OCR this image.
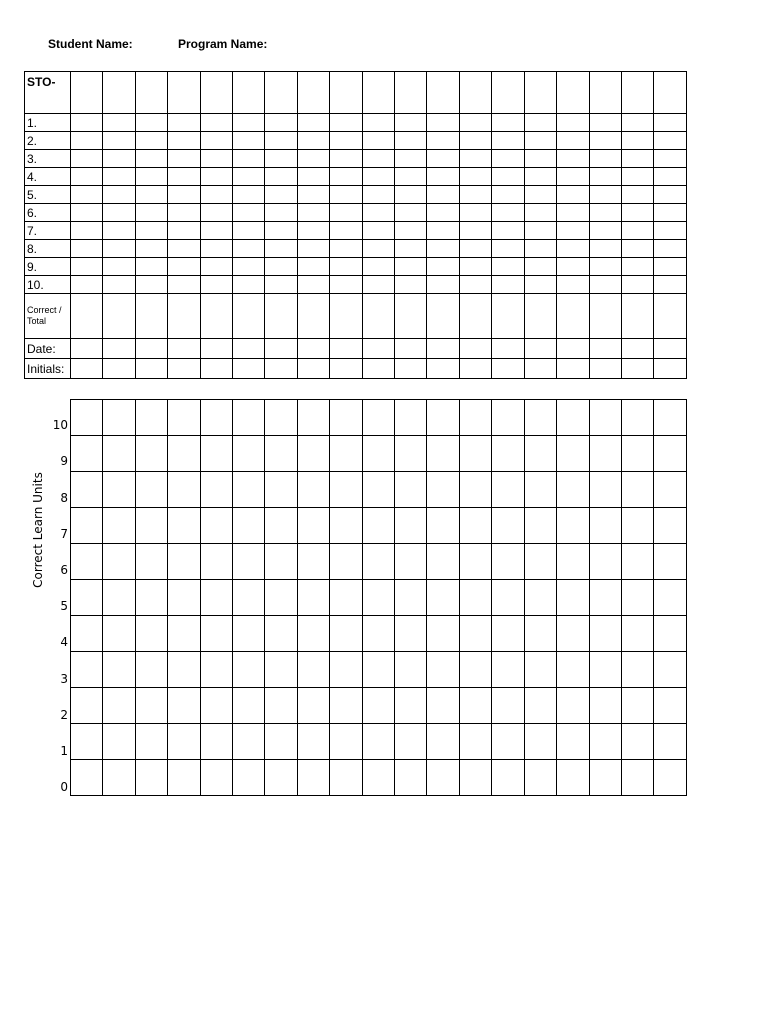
Student Name:	Program Name:
STO-																			
1.																			
2.																			
3.																			
4.																			
5.																			
6.																			
7.																			
8.																			
9.																			
10.																			
Correct / Total																			
Date:																			
Initials:																			
10
9
8
7
6
5
4
3
2
1
0
Correct Learn Units
